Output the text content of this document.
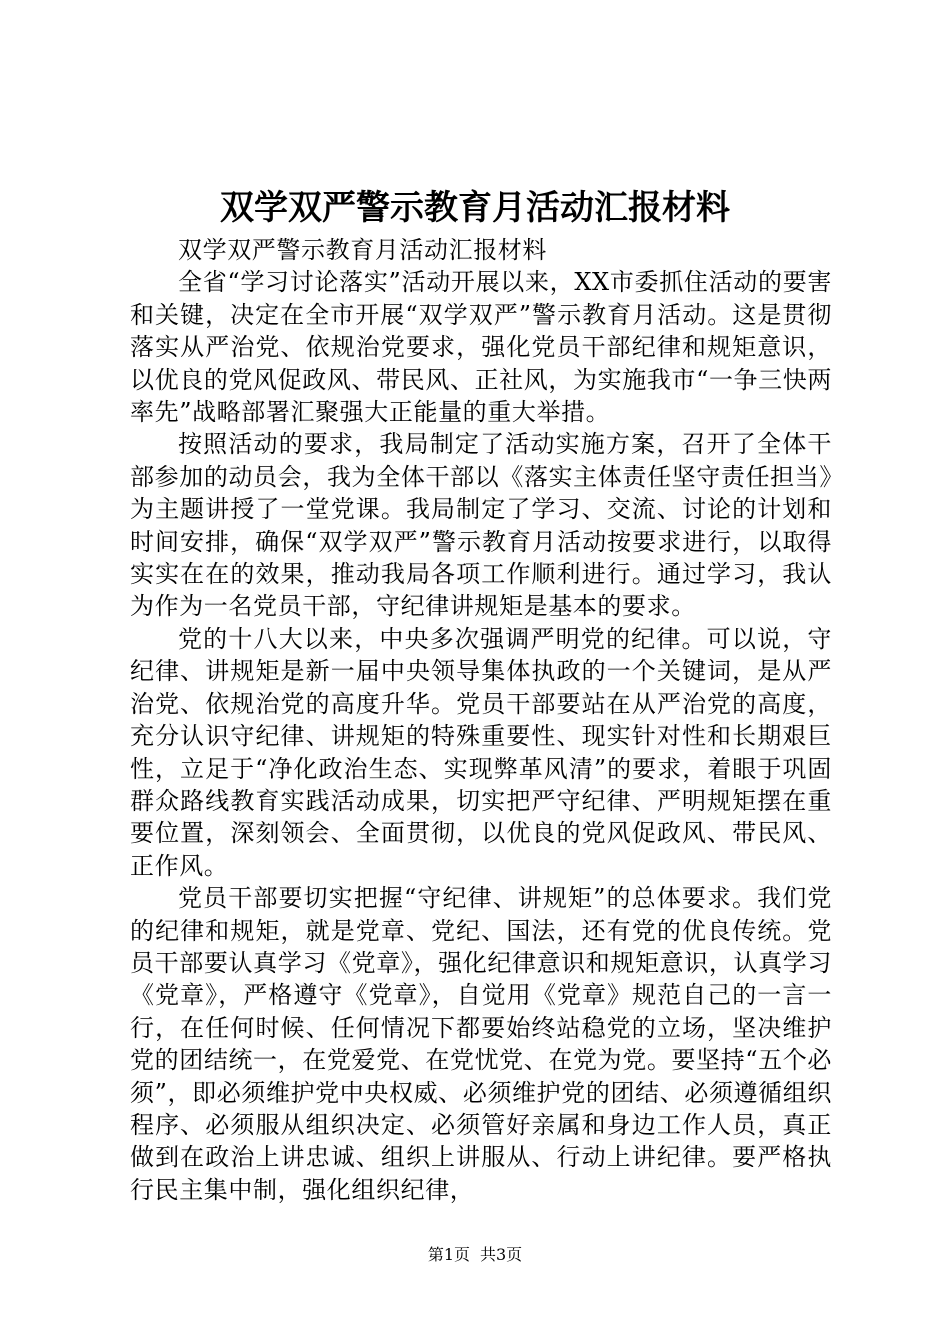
双学双严警示教育月活动汇报材料

双学双严警示教育月活动汇报材料

全省“学习讨论落实”活动开展以来，XX市委抓住活动的要害和关键，决定在全市开展“双学双严”警示教育月活动。这是贯彻落实从严治党、依规治党要求，强化党员干部纪律和规矩意识，以优良的党风促政风、带民风、正社风，为实施我市“一争三快两率先”战略部署汇聚强大正能量的重大举措。

按照活动的要求，我局制定了活动实施方案，召开了全体干部参加的动员会，我为全体干部以《落实主体责任坚守责任担当》为主题讲授了一堂党课。我局制定了学习、交流、讨论的计划和时间安排，确保“双学双严”警示教育月活动按要求进行，以取得实实在在的效果，推动我局各项工作顺利进行。通过学习，我认为作为一名党员干部，守纪律讲规矩是基本的要求。

党的十八大以来，中央多次强调严明党的纪律。可以说，守纪律、讲规矩是新一届中央领导集体执政的一个关键词，是从严治党、依规治党的高度升华。党员干部要站在从严治党的高度，充分认识守纪律、讲规矩的特殊重要性、现实针对性和长期艰巨性，立足于“净化政治生态、实现弊革风清”的要求，着眼于巩固群众路线教育实践活动成果，切实把严守纪律、严明规矩摆在重要位置，深刻领会、全面贯彻，以优良的党风促政风、带民风、正作风。

党员干部要切实把握“守纪律、讲规矩”的总体要求。我们党的纪律和规矩，就是党章、党纪、国法，还有党的优良传统。党员干部要认真学习《党章》，强化纪律意识和规矩意识，认真学习《党章》，严格遵守《党章》，自觉用《党章》规范自己的一言一行，在任何时候、任何情况下都要始终站稳党的立场，坚决维护党的团结统一，在党爱党、在党忧党、在党为党。要坚持“五个必须”，即必须维护党中央权威、必须维护党的团结、必须遵循组织程序、必须服从组织决定、必须管好亲属和身边工作人员，真正做到在政治上讲忠诚、组织上讲服从、行动上讲纪律。要严格执行民主集中制，强化组织纪律，

第1页 共3页
